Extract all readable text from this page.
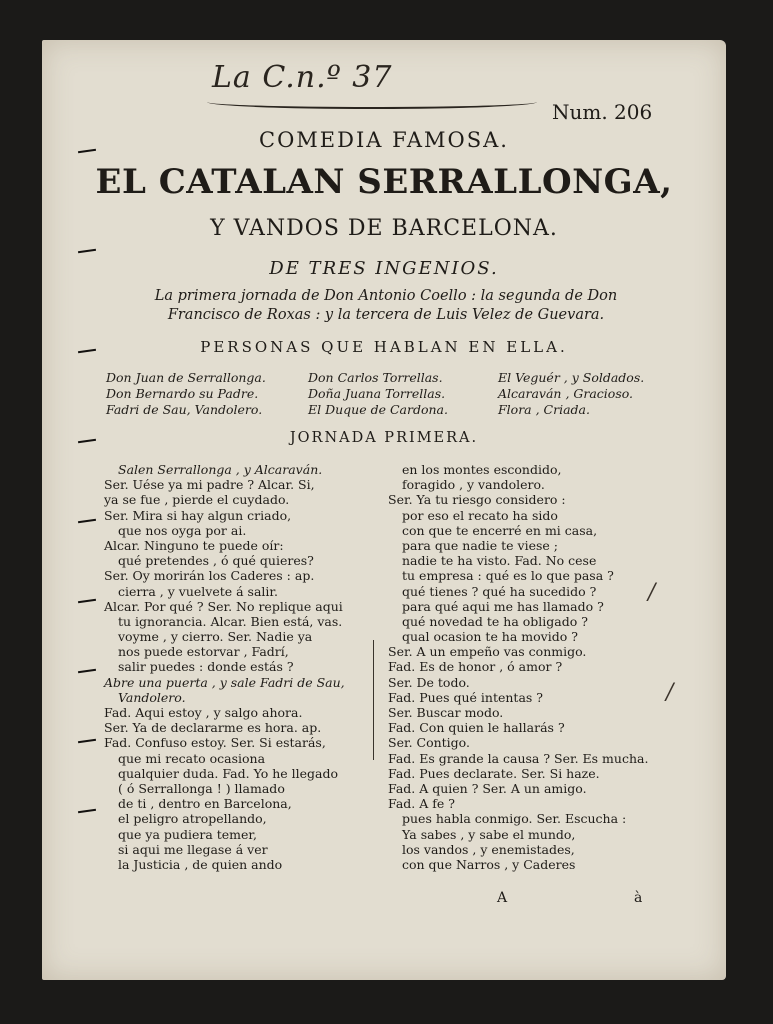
La C.n.º 37
Num. 206
COMEDIA FAMOSA.
EL CATALAN SERRALLONGA,
Y VANDOS DE BARCELONA.
DE TRES INGENIOS.
La primera jornada de Don Antonio Coello : la segunda de Don
Francisco de Roxas : y la tercera de Luis Velez de Guevara.
PERSONAS QUE HABLAN EN ELLA.
Don Juan de Serrallonga.
Don Bernardo su Padre.
Fadri de Sau, Vandolero.
Don Carlos Torrellas.
Doña Juana Torrellas.
El Duque de Cardona.
El Veguér , y Soldados.
Alcaraván , Gracioso.
Flora , Criada.
JORNADA PRIMERA.
Salen Serrallonga , y Alcaraván.
Ser. Uése ya mi padre ? Alcar. Si,
ya se fue , pierde el cuydado.
Ser. Mira si hay algun criado,
que nos oyga por ai.
Alcar. Ninguno te puede oír:
qué pretendes , ó qué quieres?
Ser. Oy morirán los Caderes : ap.
cierra , y vuelvete á salir.
Alcar. Por qué ? Ser. No replique aqui
tu ignorancia. Alcar. Bien está, vas.
voyme , y cierro. Ser. Nadie ya
nos puede estorvar , Fadrí,
salir puedes : donde estás ?
Abre una puerta , y sale Fadri de Sau,
Vandolero.
Fad. Aqui estoy , y salgo ahora.
Ser. Ya de declararme es hora. ap.
Fad. Confuso estoy. Ser. Si estarás,
que mi recato ocasiona
qualquier duda. Fad. Yo he llegado
( ó Serrallonga ! ) llamado
de ti , dentro en Barcelona,
el peligro atropellando,
que ya pudiera temer,
si aqui me llegase á ver
la Justicia , de quien ando
en los montes escondido,
foragido , y vandolero.
Ser. Ya tu riesgo considero :
por eso el recato ha sido
con que te encerré en mi casa,
para que nadie te viese ;
nadie te ha visto. Fad. No cese
tu empresa : qué es lo que pasa ?
qué tienes ? qué ha sucedido ?
para qué aqui me has llamado ?
qué novedad te ha obligado ?
qual ocasion te ha movido ?
Ser. A un empeño vas conmigo.
Fad. Es de honor , ó amor ?
Ser. De todo.
Fad. Pues qué intentas ?
Ser. Buscar modo.
Fad. Con quien le hallarás ?
Ser. Contigo.
Fad. Es grande la causa ? Ser. Es mucha.
Fad. Pues declarate. Ser. Si haze.
Fad. A quien ? Ser. A un amigo.
Fad. A fe ?
pues habla conmigo. Ser. Escucha :
Ya sabes , y sabe el mundo,
los vandos , y enemistades,
con que Narros , y Caderes
A	à
/
/
